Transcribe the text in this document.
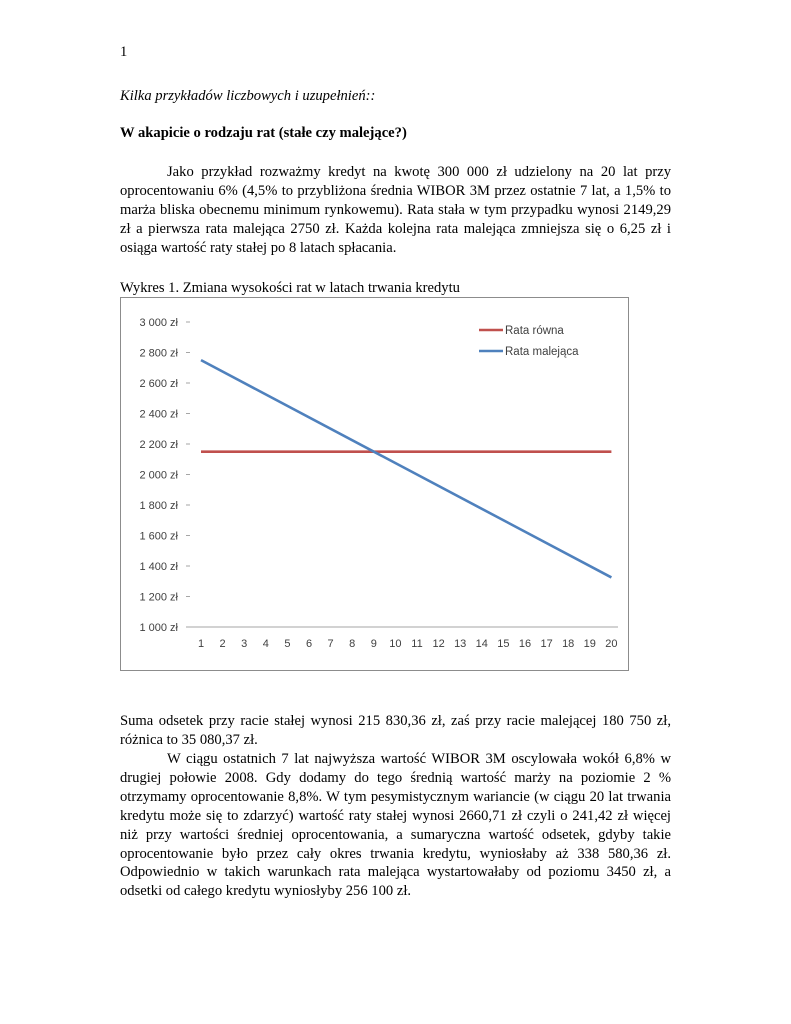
1
Kilka przykładów liczbowych i uzupełnień::
W akapicie o rodzaju rat (stałe czy malejące?)

Jako przykład rozważmy kredyt na kwotę 300 000 zł udzielony na 20 lat przy oprocentowaniu 6% (4,5% to przybliżona średnia WIBOR 3M przez ostatnie 7 lat, a 1,5% to marża bliska obecnemu minimum rynkowemu). Rata stała w tym przypadku wynosi 2149,29 zł a pierwsza rata malejąca 2750 zł. Każda kolejna rata malejąca zmniejsza się o 6,25 zł i osiąga wartość raty stałej po 8 latach spłacania.

Wykres 1. Zmiana wysokości rat w latach trwania kredytu
1 000 zł
1 200 zł
1 400 zł
1 600 zł
1 800 zł
2 000 zł
2 200 zł
2 400 zł
2 600 zł
2 800 zł
3 000 zł
1 2 3 4 5 6 7 8 9 10 11 12 13 14 15 16 17 18 19 20
Rata równa
Rata malejąca

Suma odsetek przy racie stałej wynosi 215 830,36 zł, zaś przy racie malejącej 180 750 zł, różnica to 35 080,37 zł.

W ciągu ostatnich 7 lat najwyższa wartość WIBOR 3M oscylowała wokół 6,8% w drugiej połowie 2008. Gdy dodamy do tego średnią wartość marży na poziomie 2 % otrzymamy oprocentowanie 8,8%. W tym pesymistycznym wariancie (w ciągu 20 lat trwania kredytu może się to zdarzyć) wartość raty stałej wynosi 2660,71 zł czyli o 241,42 zł więcej niż przy wartości średniej oprocentowania, a sumaryczna wartość odsetek, gdyby takie oprocentowanie było przez cały okres trwania kredytu, wyniosłaby aż 338 580,36 zł. Odpowiednio w takich warunkach rata malejąca wystartowałaby od poziomu 3450 zł, a odsetki od całego kredytu wyniosłyby 256 100 zł.
